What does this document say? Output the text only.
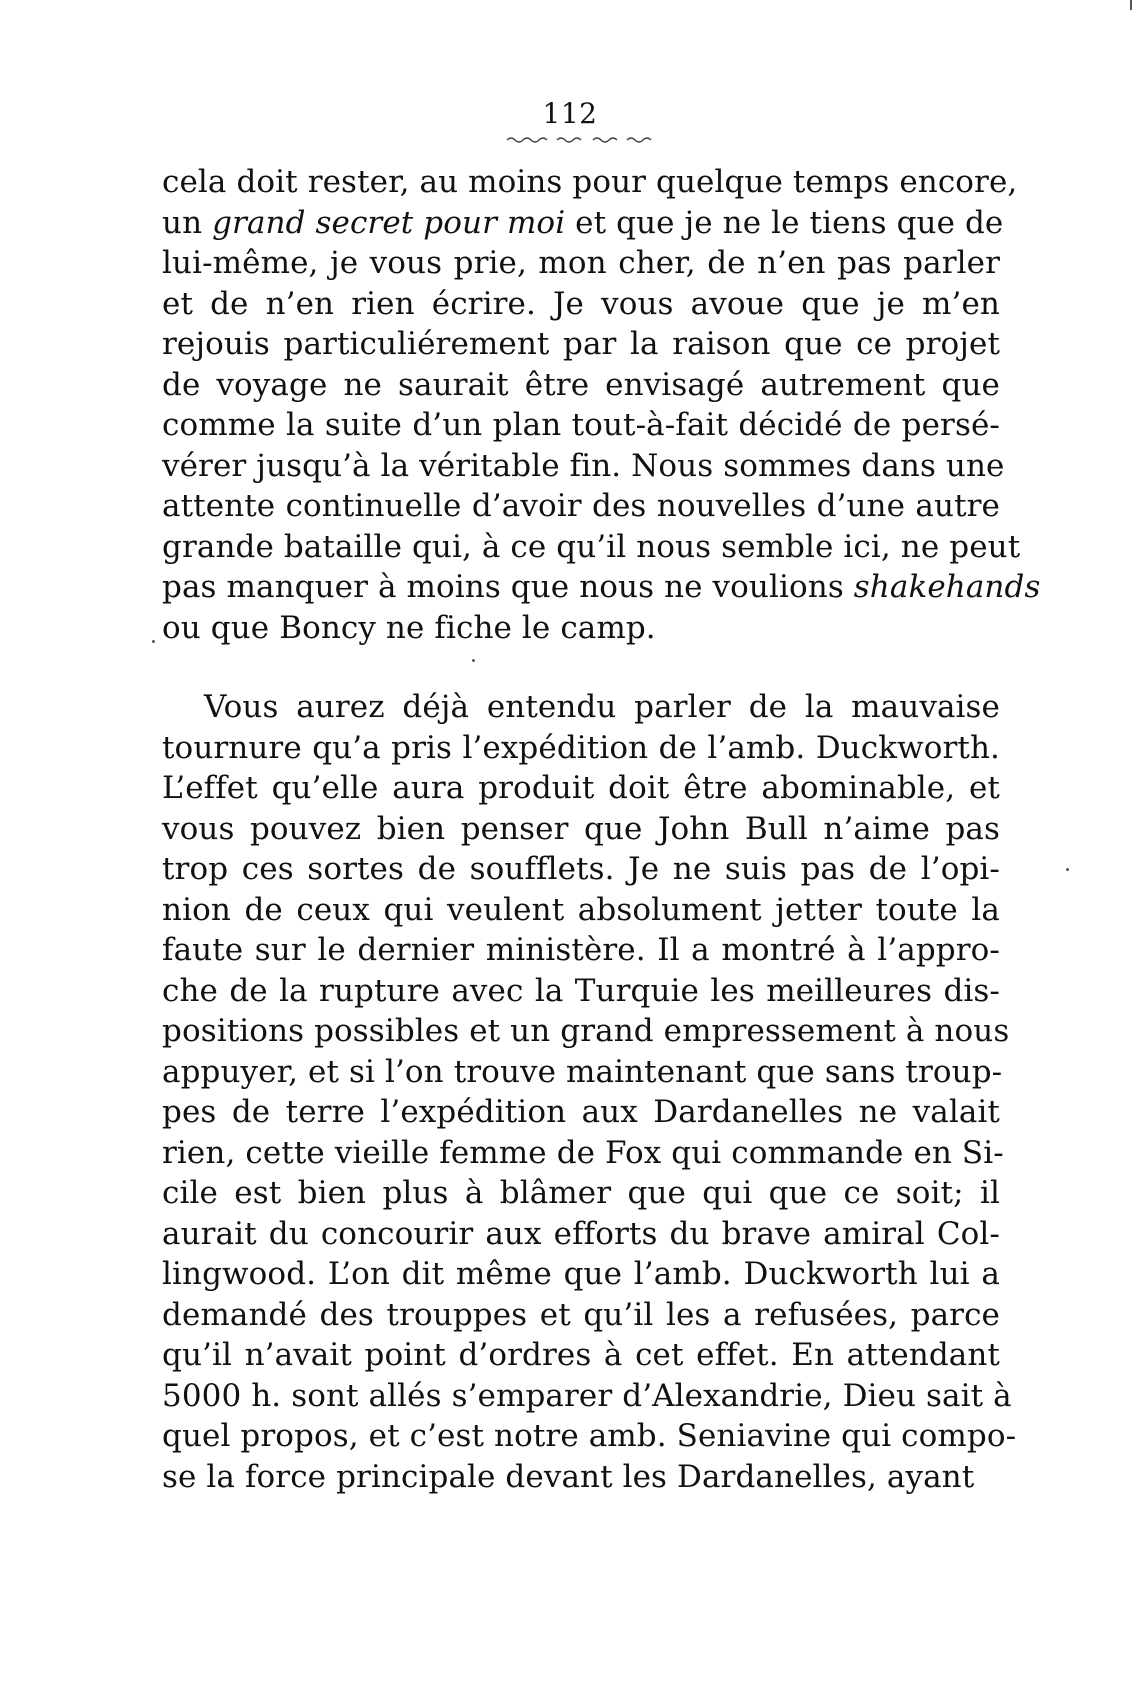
112
cela doit rester, au moins pour quelque temps encore,
un grand secret pour moi et que je ne le tiens que de
lui-même, je vous prie, mon cher, de n’en pas parler
et de n’en rien écrire. Je vous avoue que je m’en
rejouis particuliérement par la raison que ce projet
de voyage ne saurait être envisagé autrement que
comme la suite d’un plan tout-à-fait décidé de persé-
vérer jusqu’à la véritable fin. Nous sommes dans une
attente continuelle d’avoir des nouvelles d’une autre
grande bataille qui, à ce qu’il nous semble ici, ne peut
pas manquer à moins que nous ne voulions shakehands
ou que Boncy ne fiche le camp.
Vous aurez déjà entendu parler de la mauvaise
tournure qu’a pris l’expédition de l’amb. Duckworth.
L’effet qu’elle aura produit doit être abominable, et
vous pouvez bien penser que John Bull n’aime pas
trop ces sortes de soufflets. Je ne suis pas de l’opi-
nion de ceux qui veulent absolument jetter toute la
faute sur le dernier ministère. Il a montré à l’appro-
che de la rupture avec la Turquie les meilleures dis-
positions possibles et un grand empressement à nous
appuyer, et si l’on trouve maintenant que sans troup-
pes de terre l’expédition aux Dardanelles ne valait
rien, cette vieille femme de Fox qui commande en Si-
cile est bien plus à blâmer que qui que ce soit; il
aurait du concourir aux efforts du brave amiral Col-
lingwood. L’on dit même que l’amb. Duckworth lui a
demandé des trouppes et qu’il les a refusées, parce
qu’il n’avait point d’ordres à cet effet. En attendant
5000 h. sont allés s’emparer d’Alexandrie, Dieu sait à
quel propos, et c’est notre amb. Seniavine qui compo-
se la force principale devant les Dardanelles, ayant
